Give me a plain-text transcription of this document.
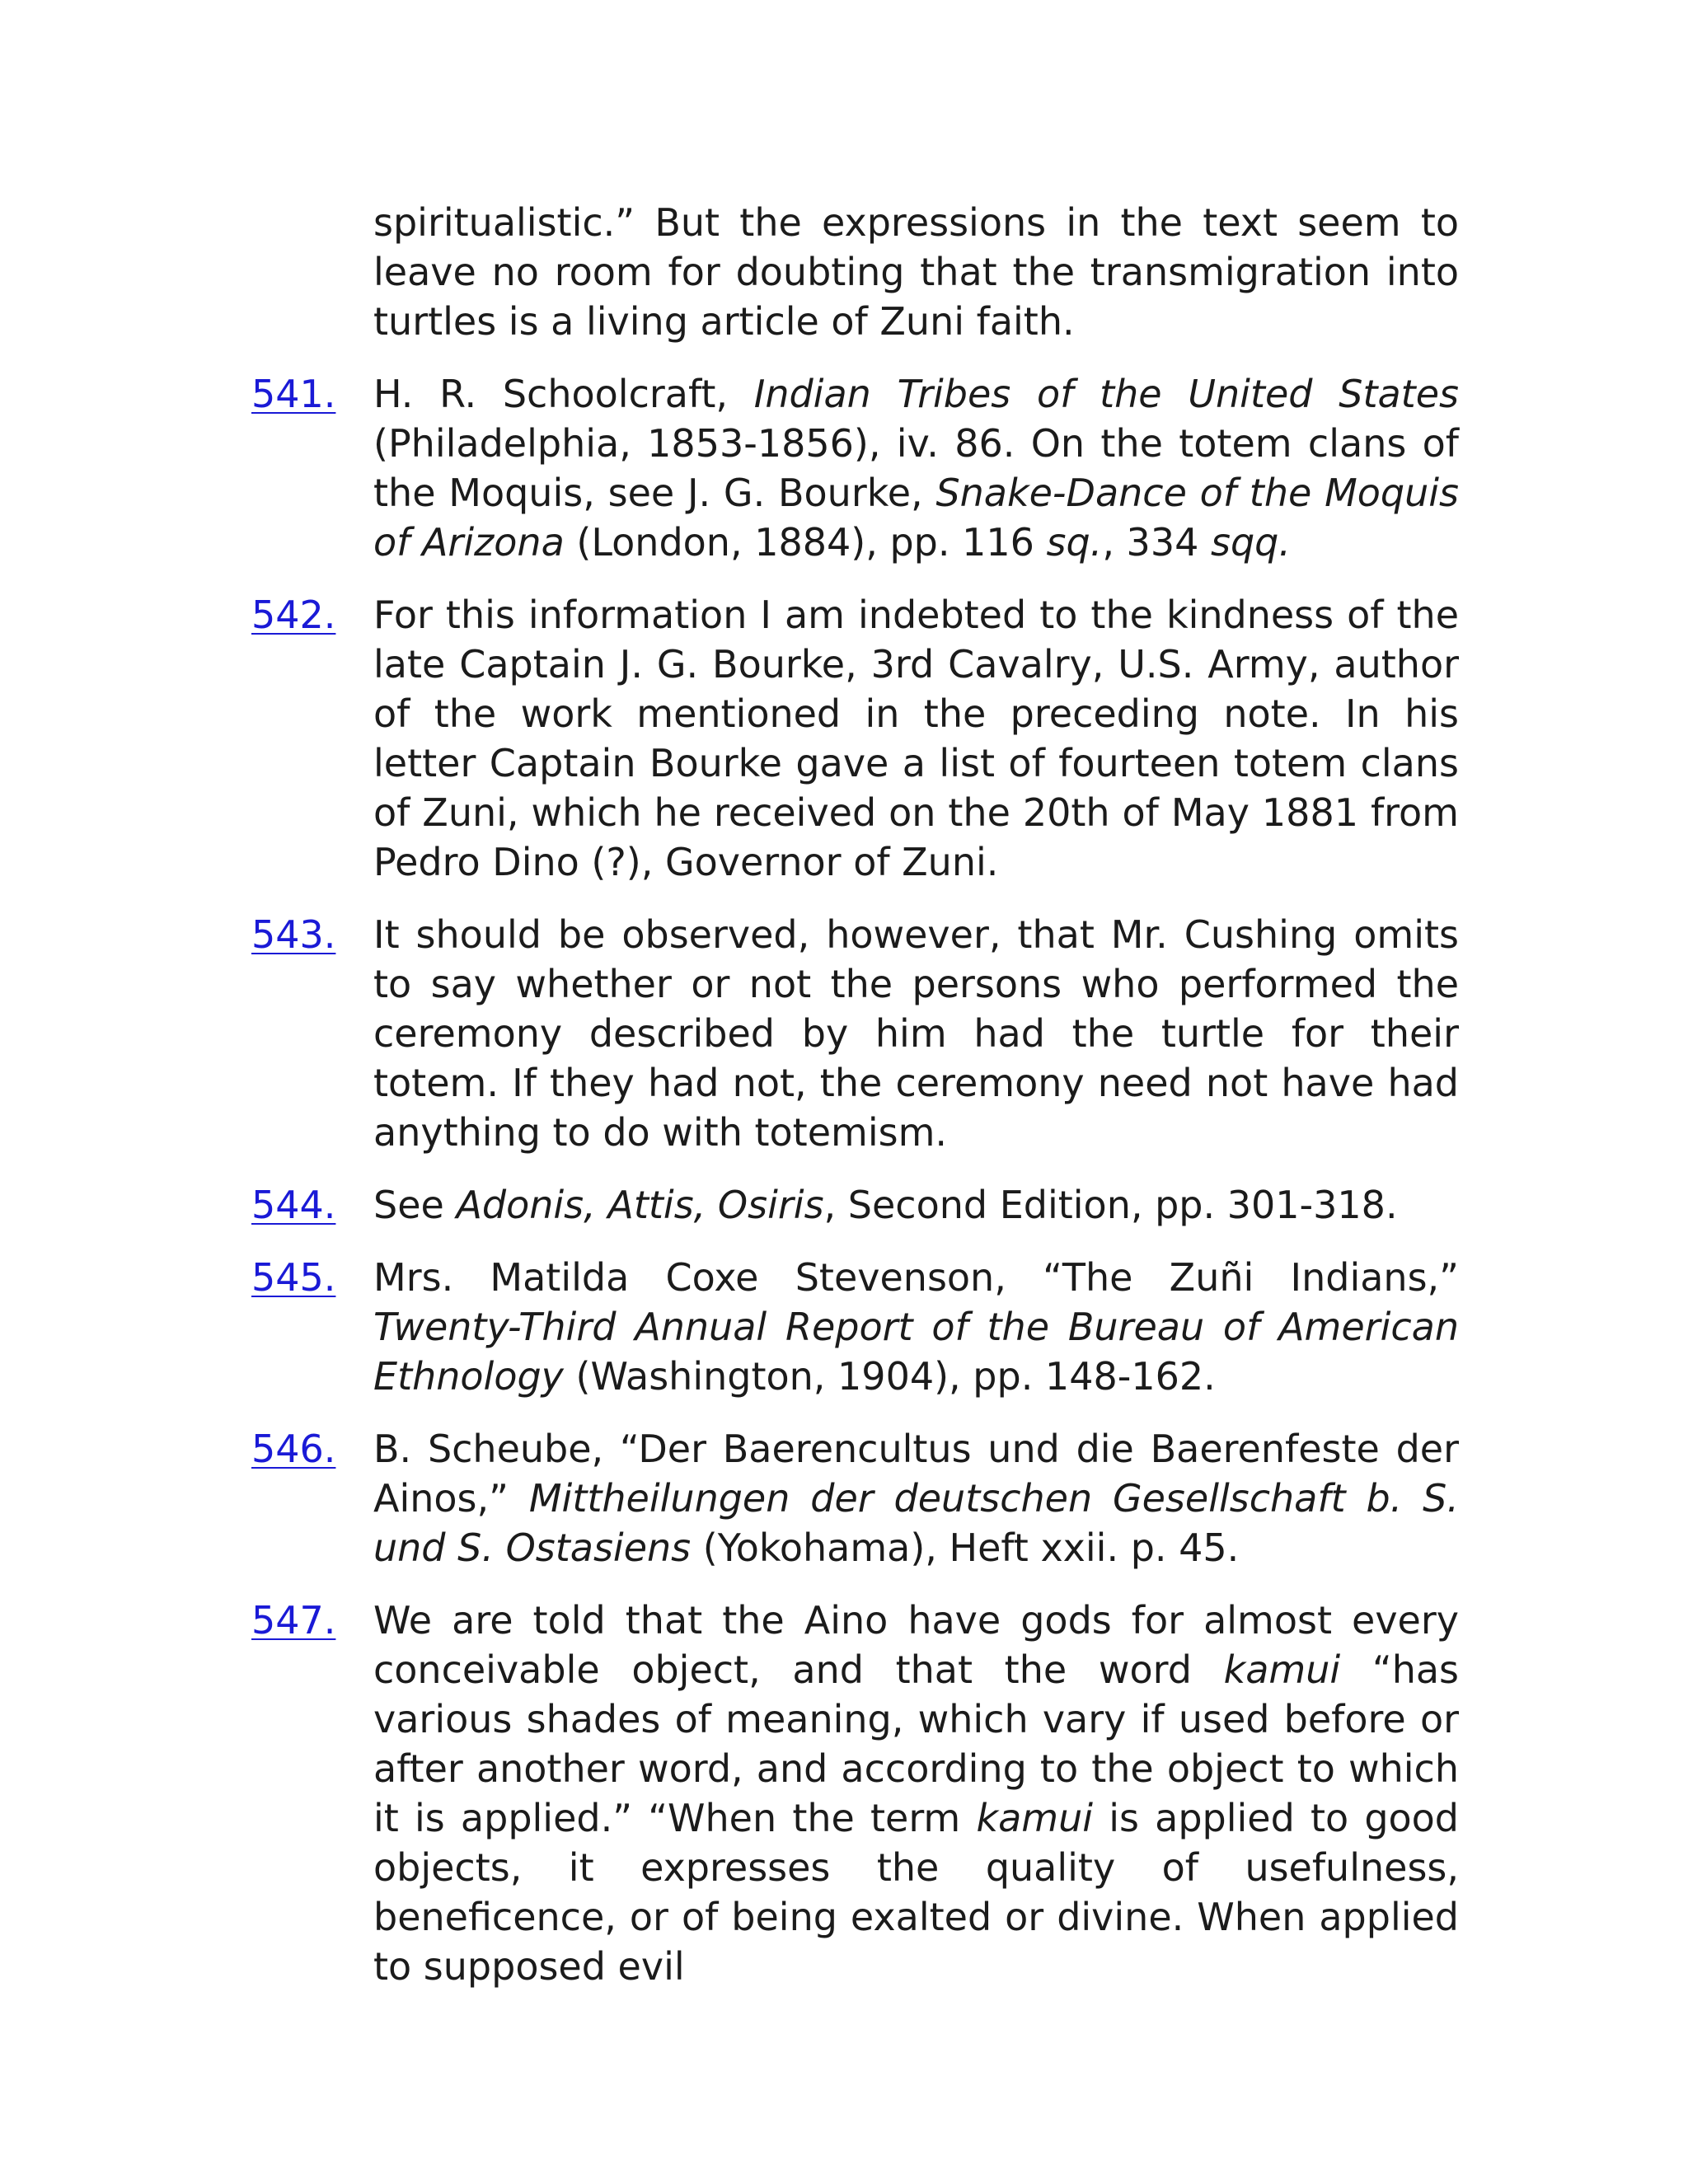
spiritualistic.” But the expressions in the text seem to leave no room for doubting that the transmigration into turtles is a living article of Zuni faith.
541. H. R. Schoolcraft, Indian Tribes of the United States (Philadelphia, 1853-1856), iv. 86. On the totem clans of the Moquis, see J. G. Bourke, Snake-Dance of the Moquis of Arizona (London, 1884), pp. 116 sq., 334 sqq.
542. For this information I am indebted to the kindness of the late Captain J. G. Bourke, 3rd Cavalry, U.S. Army, author of the work mentioned in the preceding note. In his letter Captain Bourke gave a list of fourteen totem clans of Zuni, which he received on the 20th of May 1881 from Pedro Dino (?), Governor of Zuni.
543. It should be observed, however, that Mr. Cushing omits to say whether or not the persons who performed the ceremony described by him had the turtle for their totem. If they had not, the ceremony need not have had anything to do with totemism.
544. See Adonis, Attis, Osiris, Second Edition, pp. 301-318.
545. Mrs. Matilda Coxe Stevenson, “The Zuñi Indians,” Twenty-Third Annual Report of the Bureau of American Ethnology (Washington, 1904), pp. 148-162.
546. B. Scheube, “Der Baerencultus und die Baerenfeste der Ainos,” Mittheilungen der deutschen Gesellschaft b. S. und S. Ostasiens (Yokohama), Heft xxii. p. 45.
547. We are told that the Aino have gods for almost every conceivable object, and that the word kamui “has various shades of meaning, which vary if used before or after another word, and according to the object to which it is applied.” “When the term kamui is applied to good objects, it expresses the quality of usefulness, beneficence, or of being exalted or divine. When applied to supposed evil
